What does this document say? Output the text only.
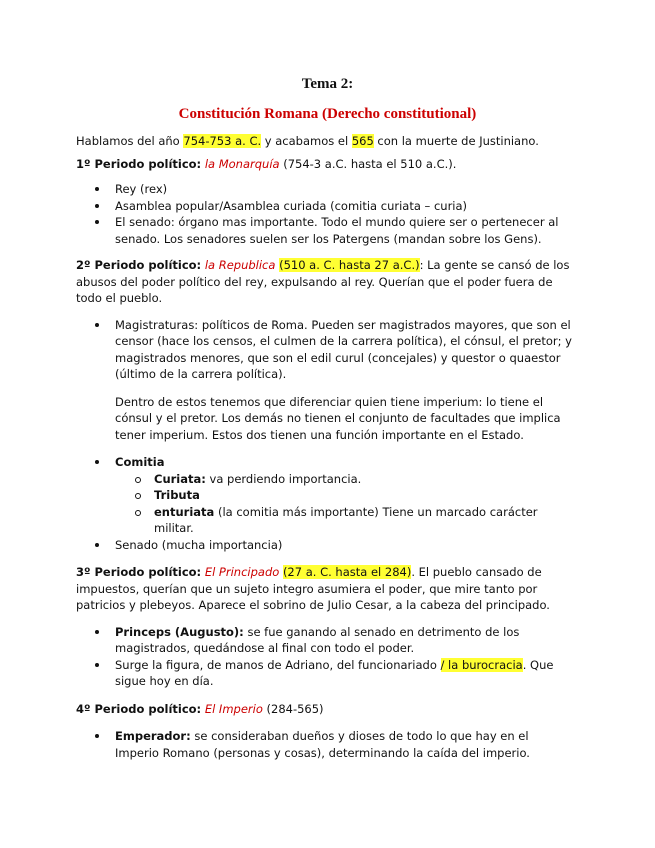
Tema 2:
Constitución Romana (Derecho constitutional)

Hablamos del año 754-753 a. C. y acabamos el 565 con la muerte de Justiniano.

1º Periodo político: la Monarquía (754-3 a.C. hasta el 510 a.C.).

Rey (rex)
Asamblea popular/Asamblea curiada (comitia curiata – curia)
El senado: órgano mas importante. Todo el mundo quiere ser o pertenecer al senado. Los senadores suelen ser los Patergens (mandan sobre los Gens).

2º Periodo político: la Republica (510 a. C. hasta 27 a.C.): La gente se cansó de los abusos del poder político del rey, expulsando al rey. Querían que el poder fuera de todo el pueblo.

Magistraturas: políticos de Roma. Pueden ser magistrados mayores, que son el censor (hace los censos, el culmen de la carrera política), el cónsul, el pretor; y magistrados menores, que son el edil curul (concejales) y questor o quaestor (último de la carrera política).

Dentro de estos tenemos que diferenciar quien tiene imperium: lo tiene el cónsul y el pretor. Los demás no tienen el conjunto de facultades que implica tener imperium. Estos dos tienen una función importante en el Estado.

Comitia
Curiata: va perdiendo importancia.
Tributa
enturiata (la comitia más importante) Tiene un marcado carácter militar.
Senado (mucha importancia)

3º Periodo político: El Principado (27 a. C. hasta el 284). El pueblo cansado de impuestos, querían que un sujeto integro asumiera el poder, que mire tanto por patricios y plebeyos. Aparece el sobrino de Julio Cesar, a la cabeza del principado.

Princeps (Augusto): se fue ganando al senado en detrimento de los magistrados, quedándose al final con todo el poder.
Surge la figura, de manos de Adriano, del funcionariado / la burocracia. Que sigue hoy en día.

4º Periodo político: El Imperio (284-565)

Emperador: se consideraban dueños y dioses de todo lo que hay en el Imperio Romano (personas y cosas), determinando la caída del imperio.
